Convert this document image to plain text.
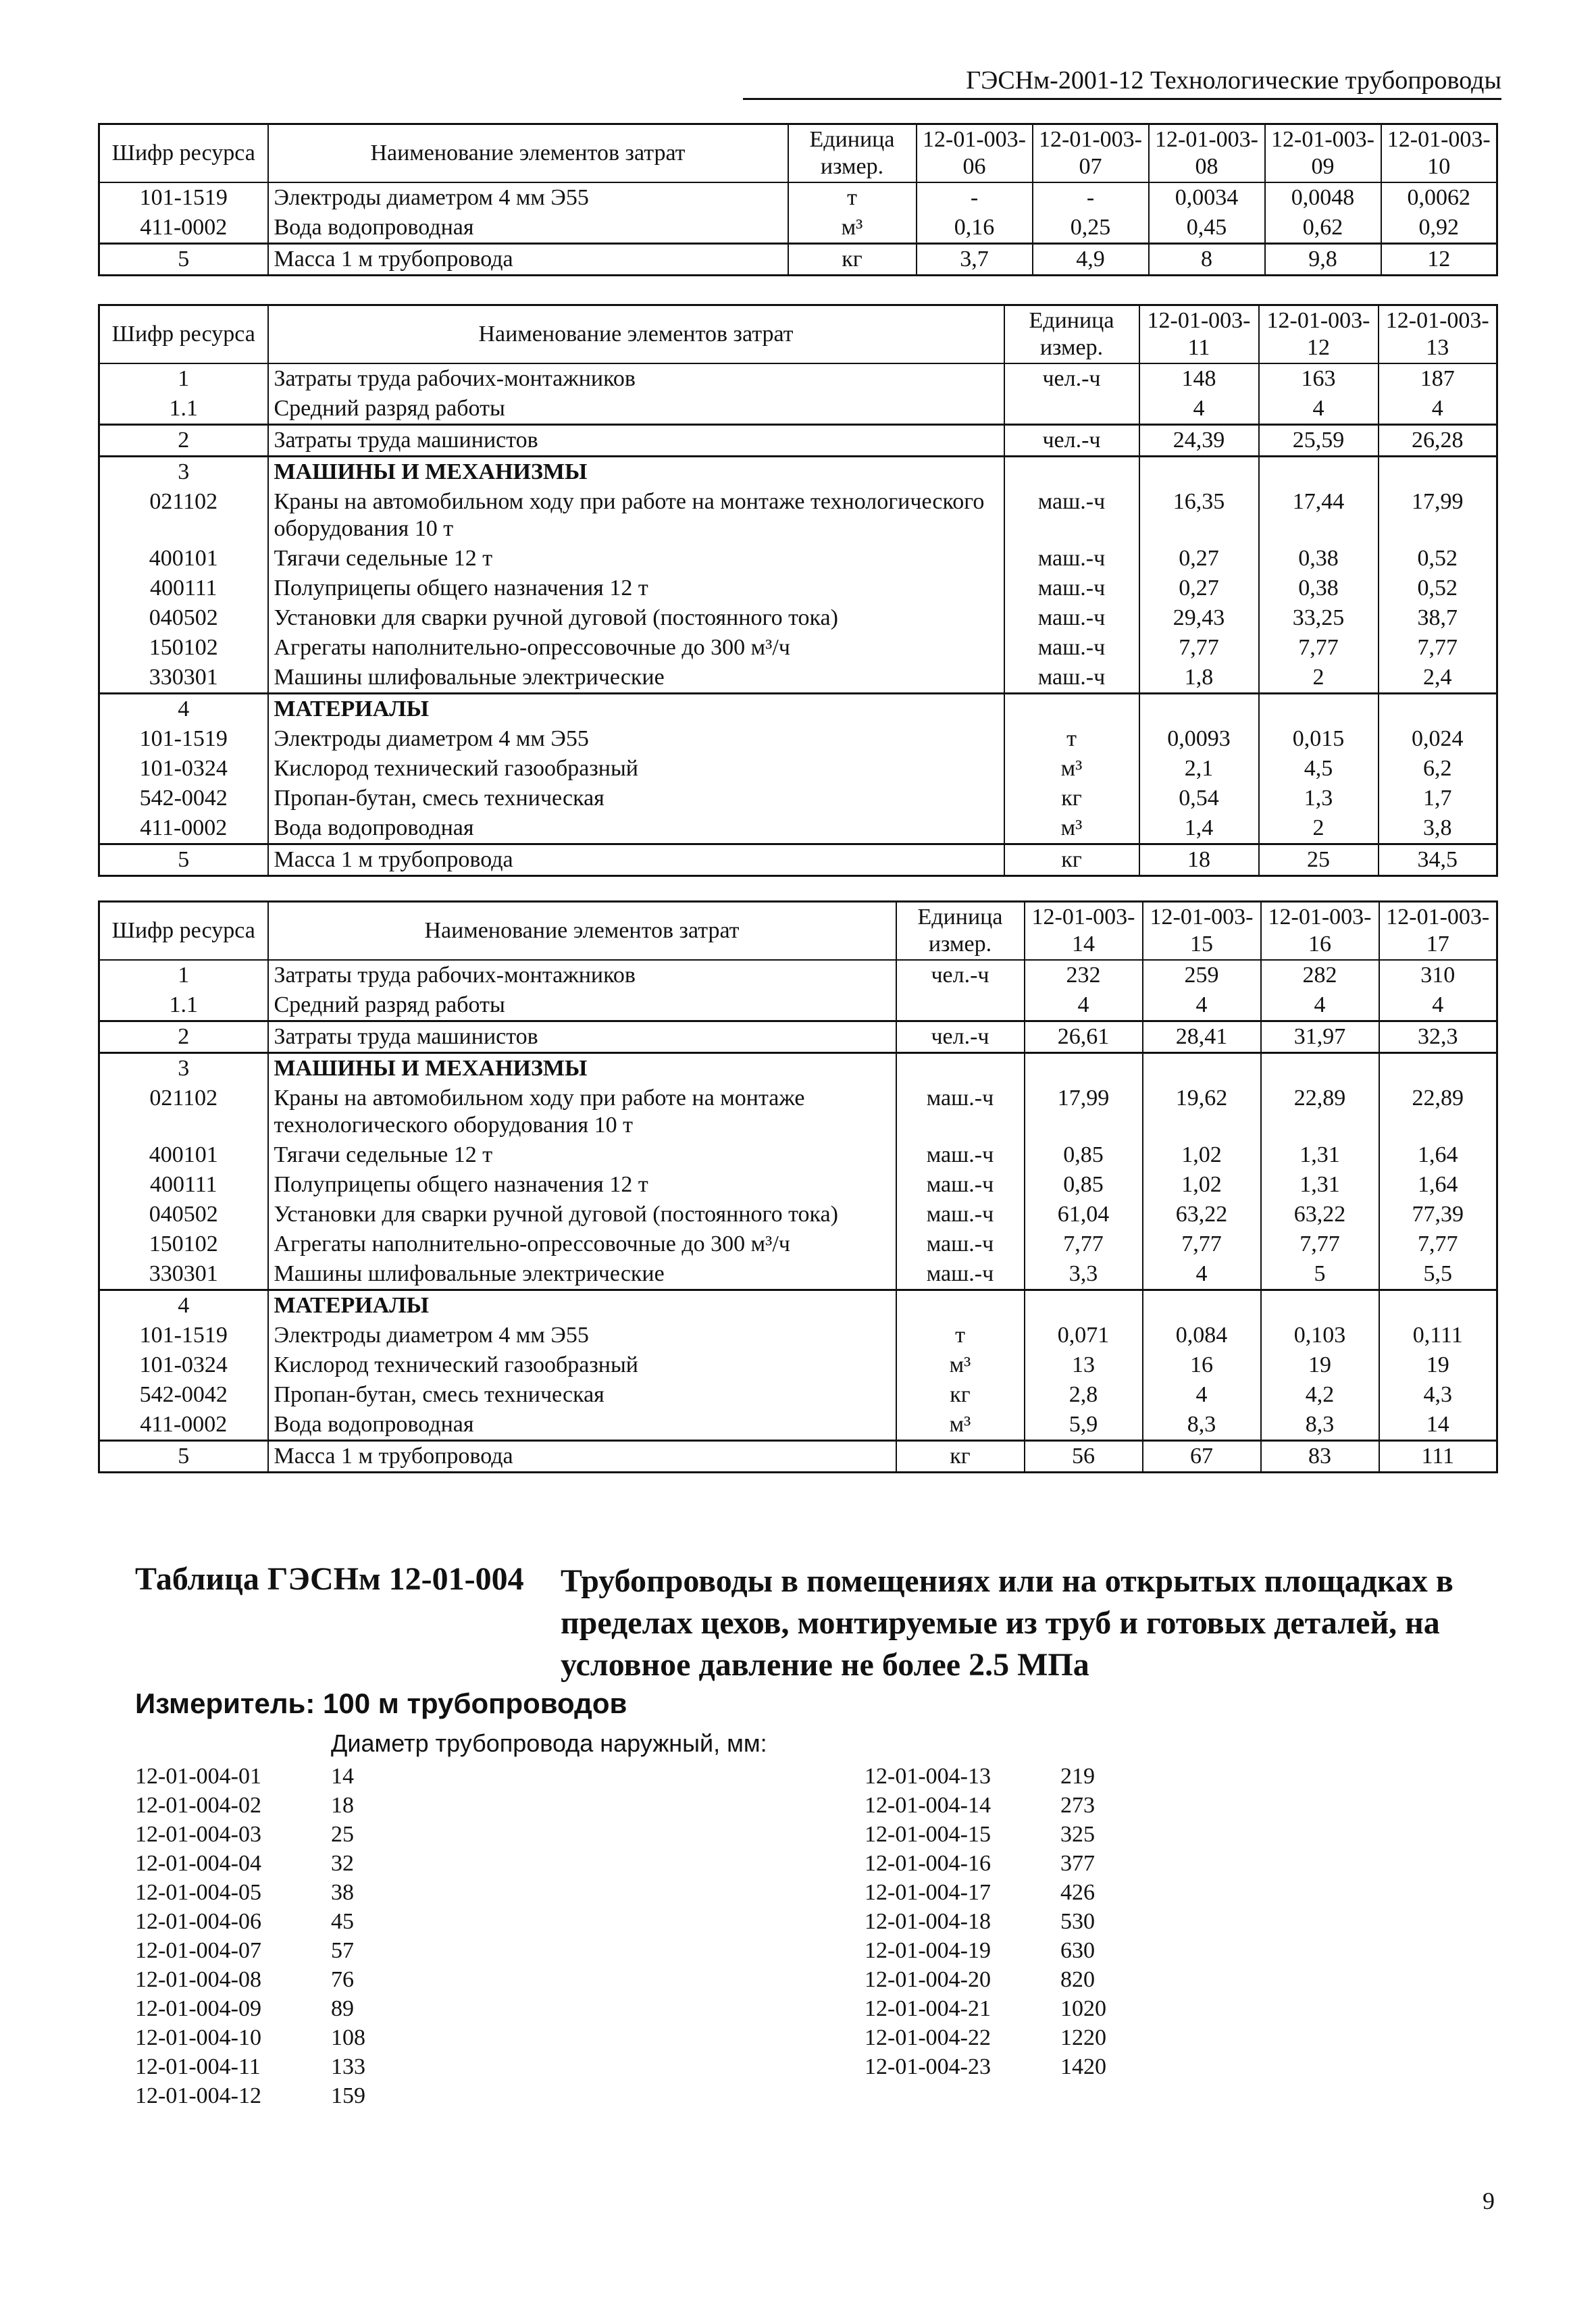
ГЭСНм-2001-12 Технологические трубопроводы
Шифр ресурса	Наименование элементов затрат	Единица измер.	12-01-003-06	12-01-003-07	12-01-003-08	12-01-003-09	12-01-003-10
101-1519	Электроды диаметром 4 мм Э55	т	-	-	0,0034	0,0048	0,0062
411-0002	Вода водопроводная	м³	0,16	0,25	0,45	0,62	0,92
5	Масса 1 м трубопровода	кг	3,7	4,9	8	9,8	12
Шифр ресурса	Наименование элементов затрат	Единица измер.	12-01-003-11	12-01-003-12	12-01-003-13
1	Затраты труда рабочих-монтажников	чел.-ч	148	163	187
1.1	Средний разряд работы		4	4	4
2	Затраты труда машинистов	чел.-ч	24,39	25,59	26,28
3	МАШИНЫ И МЕХАНИЗМЫ				
021102	Краны на автомобильном ходу при работе на монтаже технологического оборудования 10 т	маш.-ч	16,35	17,44	17,99
400101	Тягачи седельные 12 т	маш.-ч	0,27	0,38	0,52
400111	Полуприцепы общего назначения 12 т	маш.-ч	0,27	0,38	0,52
040502	Установки для сварки ручной дуговой (постоянного тока)	маш.-ч	29,43	33,25	38,7
150102	Агрегаты наполнительно-опрессовочные до 300 м³/ч	маш.-ч	7,77	7,77	7,77
330301	Машины шлифовальные электрические	маш.-ч	1,8	2	2,4
4	МАТЕРИАЛЫ				
101-1519	Электроды диаметром 4 мм Э55	т	0,0093	0,015	0,024
101-0324	Кислород технический газообразный	м³	2,1	4,5	6,2
542-0042	Пропан-бутан, смесь техническая	кг	0,54	1,3	1,7
411-0002	Вода водопроводная	м³	1,4	2	3,8
5	Масса 1 м трубопровода	кг	18	25	34,5
Шифр ресурса	Наименование элементов затрат	Единица измер.	12-01-003-14	12-01-003-15	12-01-003-16	12-01-003-17
1	Затраты труда рабочих-монтажников	чел.-ч	232	259	282	310
1.1	Средний разряд работы		4	4	4	4
2	Затраты труда машинистов	чел.-ч	26,61	28,41	31,97	32,3
3	МАШИНЫ И МЕХАНИЗМЫ					
021102	Краны на автомобильном ходу при работе на монтаже технологического оборудования 10 т	маш.-ч	17,99	19,62	22,89	22,89
400101	Тягачи седельные 12 т	маш.-ч	0,85	1,02	1,31	1,64
400111	Полуприцепы общего назначения 12 т	маш.-ч	0,85	1,02	1,31	1,64
040502	Установки для сварки ручной дуговой (постоянного тока)	маш.-ч	61,04	63,22	63,22	77,39
150102	Агрегаты наполнительно-опрессовочные до 300 м³/ч	маш.-ч	7,77	7,77	7,77	7,77
330301	Машины шлифовальные электрические	маш.-ч	3,3	4	5	5,5
4	МАТЕРИАЛЫ					
101-1519	Электроды диаметром 4 мм Э55	т	0,071	0,084	0,103	0,111
101-0324	Кислород технический газообразный	м³	13	16	19	19
542-0042	Пропан-бутан, смесь техническая	кг	2,8	4	4,2	4,3
411-0002	Вода водопроводная	м³	5,9	8,3	8,3	14
5	Масса 1 м трубопровода	кг	56	67	83	111
Таблица ГЭСНм 12-01-004 Трубопроводы в помещениях или на открытых площадках в пределах цехов, монтируемые из труб и готовых деталей, на условное давление не более 2.5 МПа
Измеритель: 100 м трубопроводов
Диаметр трубопровода наружный, мм:
12-01-004-01	14
12-01-004-02	18
12-01-004-03	25
12-01-004-04	32
12-01-004-05	38
12-01-004-06	45
12-01-004-07	57
12-01-004-08	76
12-01-004-09	89
12-01-004-10	108
12-01-004-11	133
12-01-004-12	159
12-01-004-13	219
12-01-004-14	273
12-01-004-15	325
12-01-004-16	377
12-01-004-17	426
12-01-004-18	530
12-01-004-19	630
12-01-004-20	820
12-01-004-21	1020
12-01-004-22	1220
12-01-004-23	1420
9
